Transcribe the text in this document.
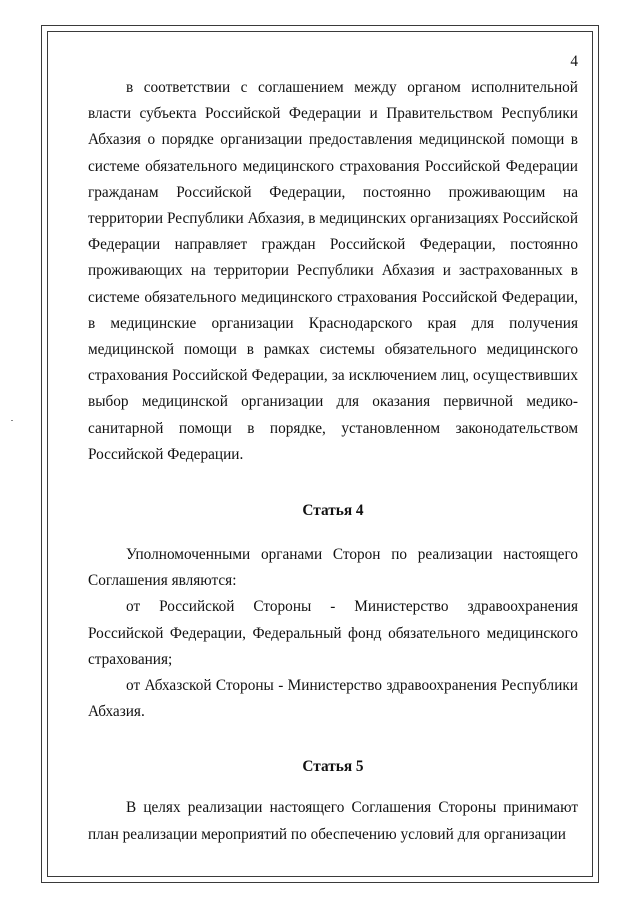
4

в соответствии с соглашением между органом исполнительной власти субъекта Российской Федерации и Правительством Республики Абхазия о порядке организации предоставления медицинской помощи в системе обязательного медицинского страхования Российской Федерации гражданам Российской Федерации, постоянно проживающим на территории Республики Абхазия, в медицинских организациях Российской Федерации направляет граждан Российской Федерации, постоянно проживающих на территории Республики Абхазия и застрахованных в системе обязательного медицинского страхования Российской Федерации, в медицинские организации Краснодарского края для получения медицинской помощи в рамках системы обязательного медицинского страхования Российской Федерации, за исключением лиц, осуществивших выбор медицинской организации для оказания первичной медико-санитарной помощи в порядке, установленном законодательством Российской Федерации.

Статья 4

Уполномоченными органами Сторон по реализации настоящего Соглашения являются:

от Российской Стороны - Министерство здравоохранения Российской Федерации, Федеральный фонд обязательного медицинского страхования;

от Абхазской Стороны - Министерство здравоохранения Республики Абхазия.

Статья 5

В целях реализации настоящего Соглашения Стороны принимают план реализации мероприятий по обеспечению условий для организации
